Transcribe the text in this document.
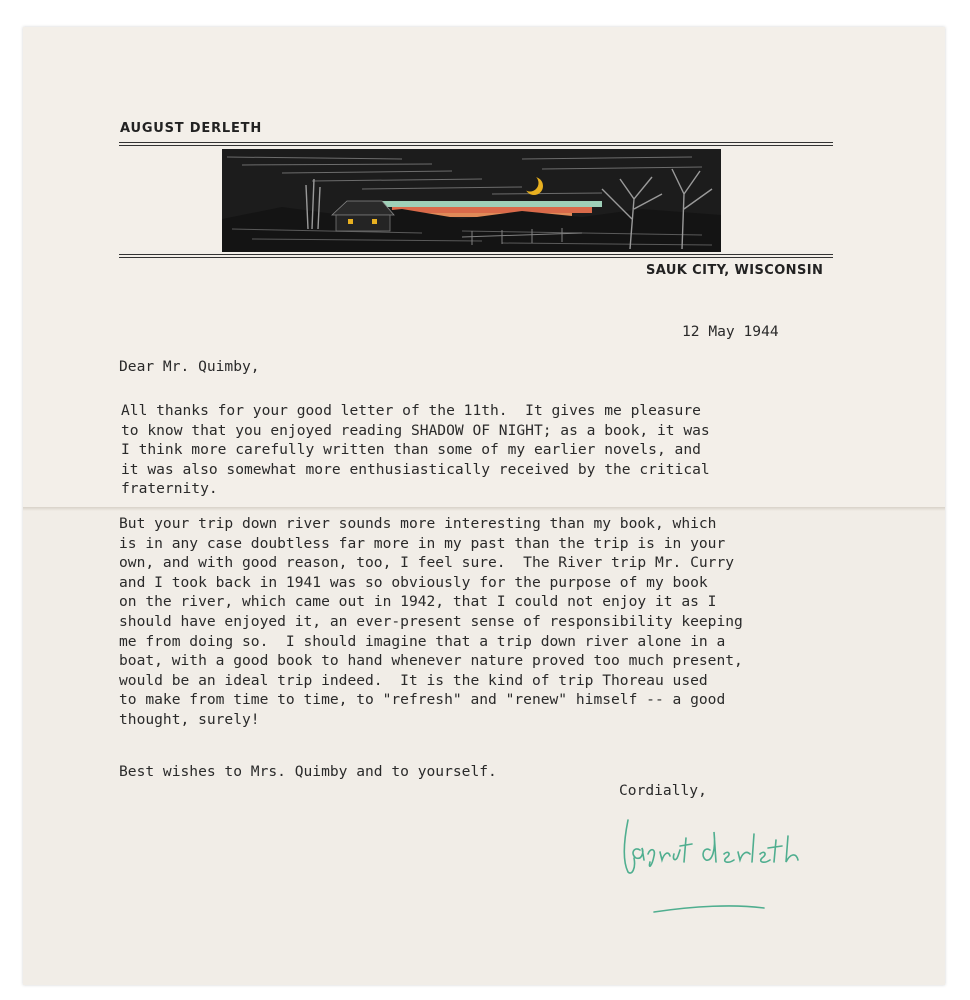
AUGUST DERLETH
SAUK CITY, WISCONSIN

12 May 1944

Dear Mr. Quimby,

All thanks for your good letter of the 11th.  It gives me pleasure
to know that you enjoyed reading SHADOW OF NIGHT; as a book, it was
I think more carefully written than some of my earlier novels, and
it was also somewhat more enthusiastically received by the critical
fraternity.

But your trip down river sounds more interesting than my book, which
is in any case doubtless far more in my past than the trip is in your
own, and with good reason, too, I feel sure.  The River trip Mr. Curry
and I took back in 1941 was so obviously for the purpose of my book
on the river, which came out in 1942, that I could not enjoy it as I
should have enjoyed it, an ever-present sense of responsibility keeping
me from doing so.  I should imagine that a trip down river alone in a
boat, with a good book to hand whenever nature proved too much present,
would be an ideal trip indeed.  It is the kind of trip Thoreau used
to make from time to time, to "refresh" and "renew" himself -- a good
thought, surely!

Best wishes to Mrs. Quimby and to yourself.

Cordially,
